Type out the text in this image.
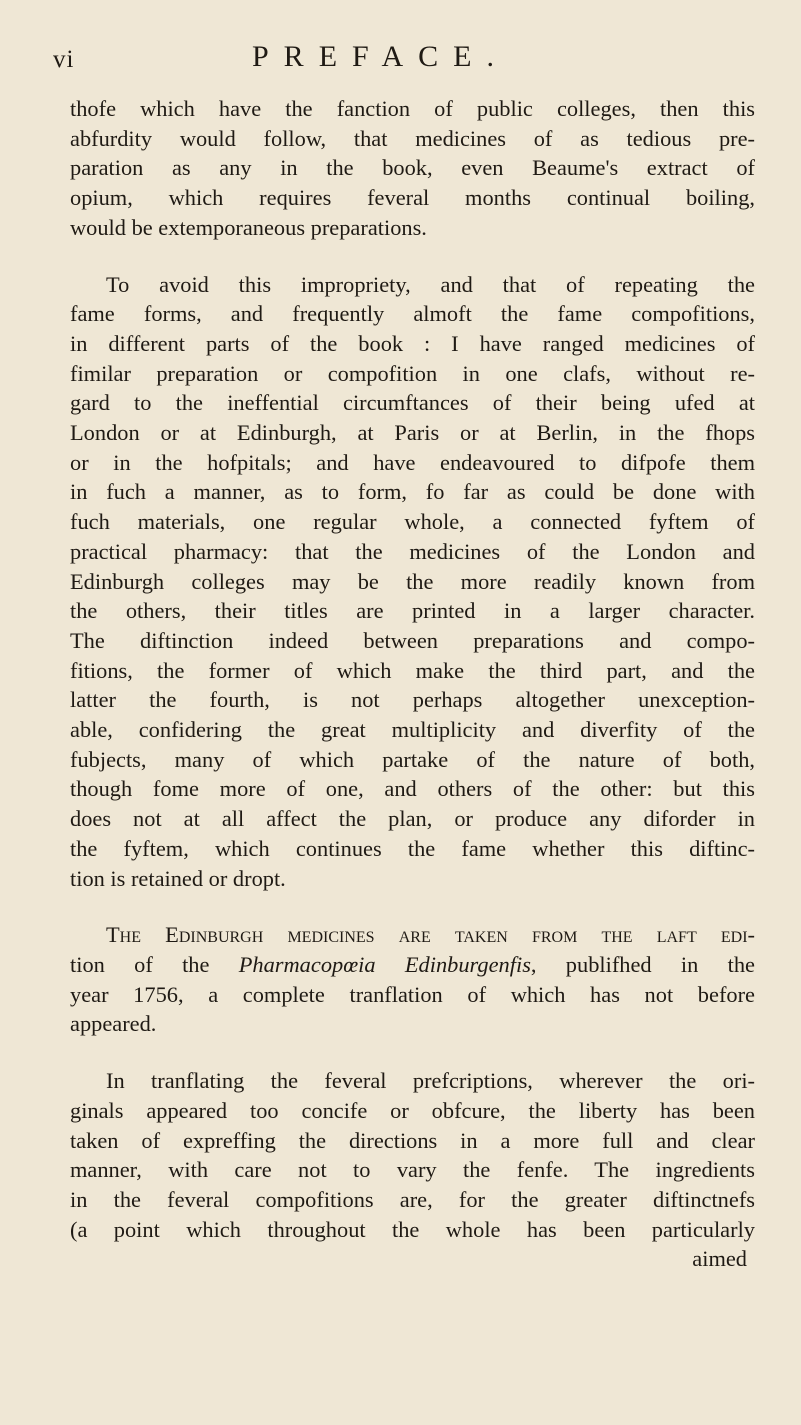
vi	PREFACE.

thofe which have the fanction of public colleges, then this
abfurdity would follow, that medicines of as tedious pre-
paration as any in the book, even Beaume's extract of
opium, which requires feveral months continual boiling,
would be extemporaneous preparations.

To avoid this impropriety, and that of repeating the
fame forms, and frequently almoft the fame compofitions,
in different parts of the book : I have ranged medicines of
fimilar preparation or compofition in one clafs, without re-
gard to the ineffential circumftances of their being ufed at
London or at Edinburgh, at Paris or at Berlin, in the fhops
or in the hofpitals; and have endeavoured to difpofe them
in fuch a manner, as to form, fo far as could be done with
fuch materials, one regular whole, a connected fyftem of
practical pharmacy: that the medicines of the London and
Edinburgh colleges may be the more readily known from
the others, their titles are printed in a larger character.
The diftinction indeed between preparations and compo-
fitions, the former of which make the third part, and the
latter the fourth, is not perhaps altogether unexception-
able, confidering the great multiplicity and diverfity of the
fubjects, many of which partake of the nature of both,
though fome more of one, and others of the other: but this
does not at all affect the plan, or produce any diforder in
the fyftem, which continues the fame whether this diftinc-
tion is retained or dropt.

The Edinburgh medicines are taken from the laft edi-
tion of the Pharmacopœia Edinburgenfis, publifhed in the
year 1756, a complete tranflation of which has not before
appeared.

In tranflating the feveral prefcriptions, wherever the ori-
ginals appeared too concife or obfcure, the liberty has been
taken of expreffing the directions in a more full and clear
manner, with care not to vary the fenfe. The ingredients
in the feveral compofitions are, for the greater diftinctnefs
(a point which throughout the whole has been particularly

aimed
